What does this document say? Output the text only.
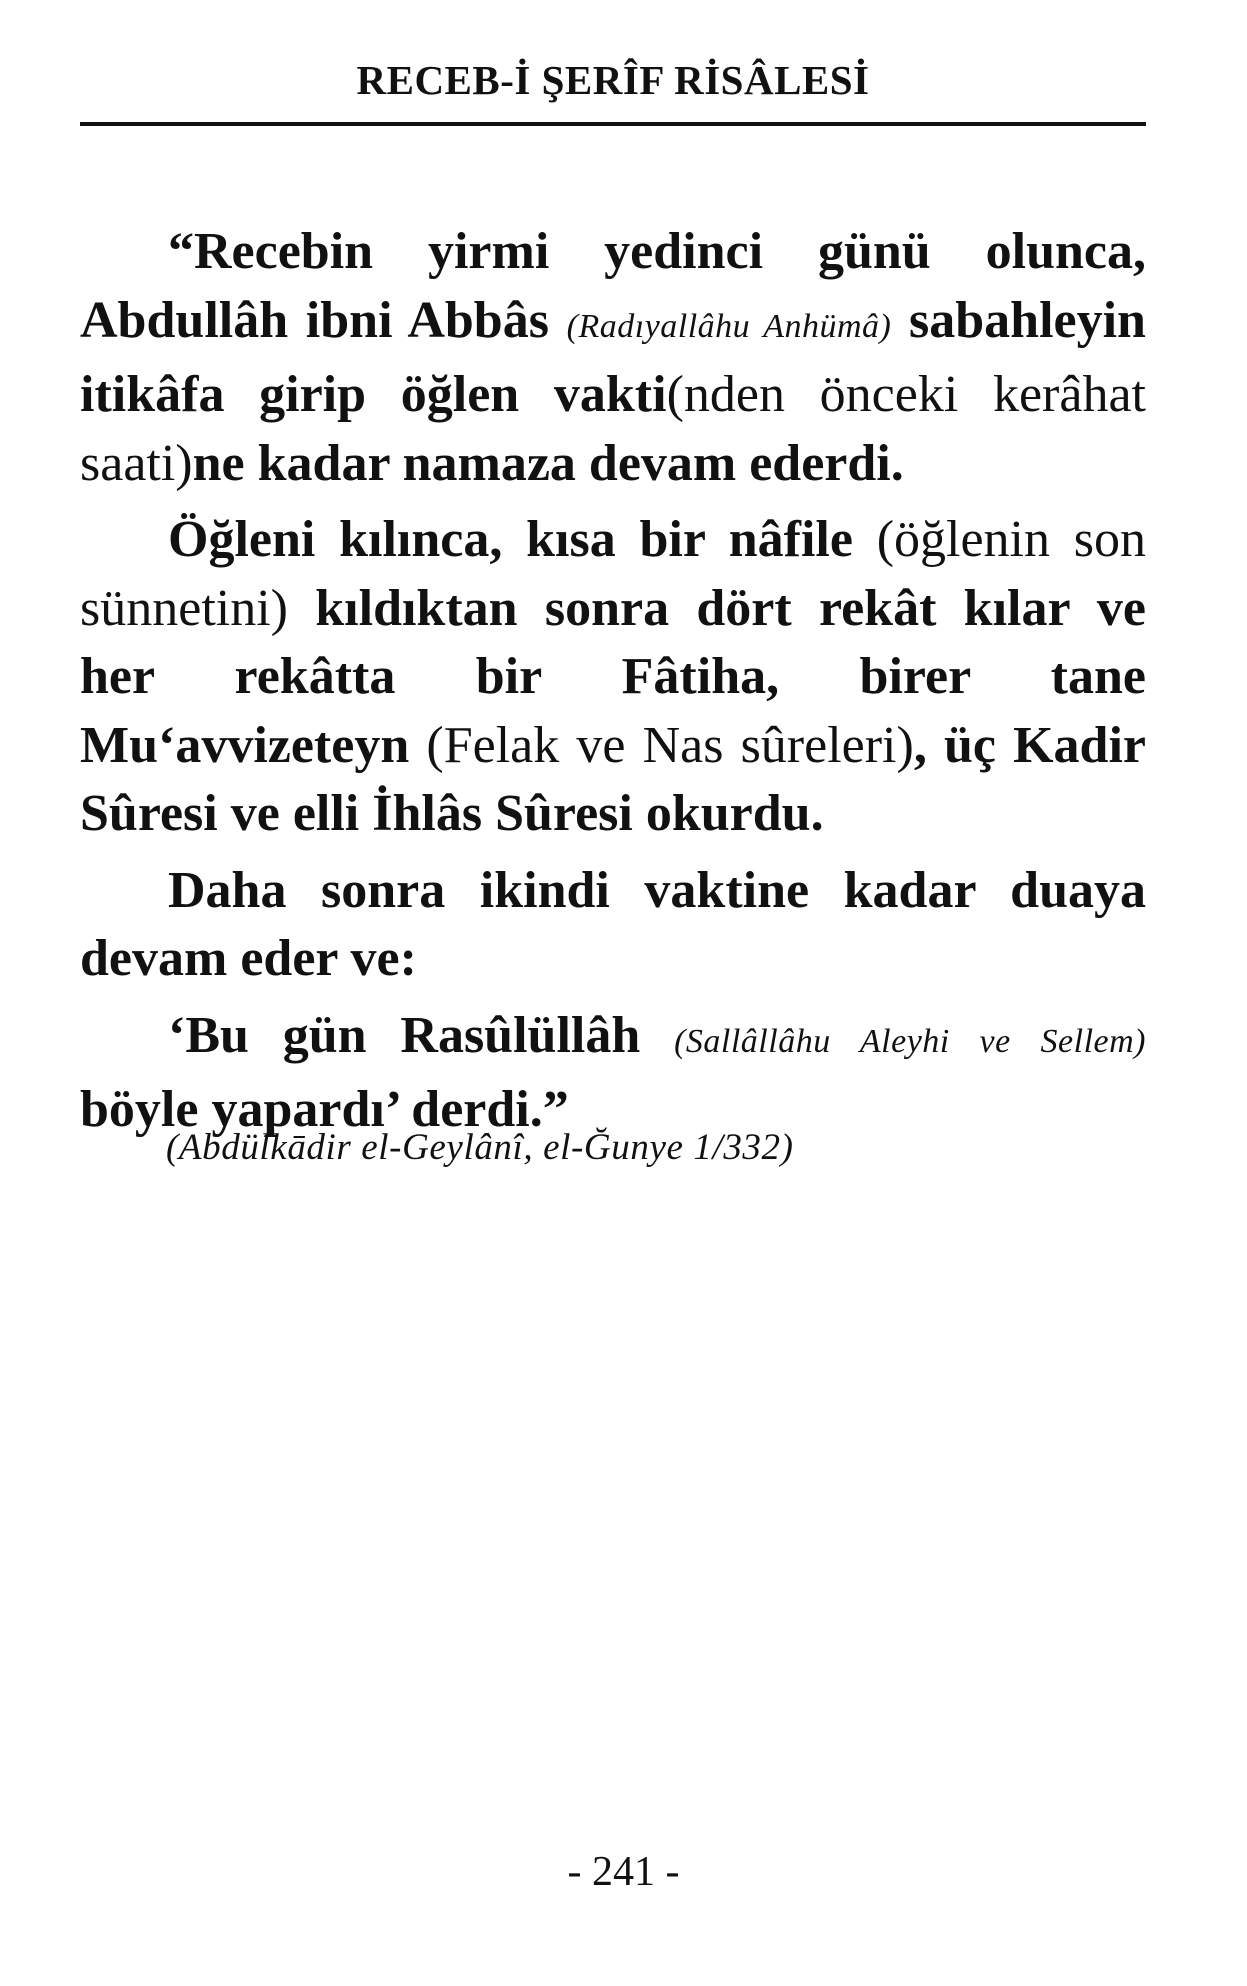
RECEB-İ ŞERÎF RİSÂLESİ

“Recebin yirmi yedinci günü olunca, Abdullâh ibni Abbâs (Radıyallâhu Anhümâ) sabahleyin itikâfa girip öğlen vakti(nden önceki kerâhat saati)ne kadar namaza devam ederdi.

Öğleni kılınca, kısa bir nâfile (öğlenin son sünnetini) kıldıktan sonra dört rekât kılar ve her rekâtta bir Fâtiha, birer tane Mu‘avvizeteyn (Felak ve Nas sûreleri), üç Kadir Sûresi ve elli İhlâs Sûresi okurdu.

Daha sonra ikindi vaktine kadar duaya devam eder ve:

‘Bu gün Rasûlüllâh (Sallâllâhu Aleyhi ve Sellem) böyle yapardı’ derdi.”

(Abdülkādir el-Geylânî, el-Ğunye 1/332)
- 241 -
